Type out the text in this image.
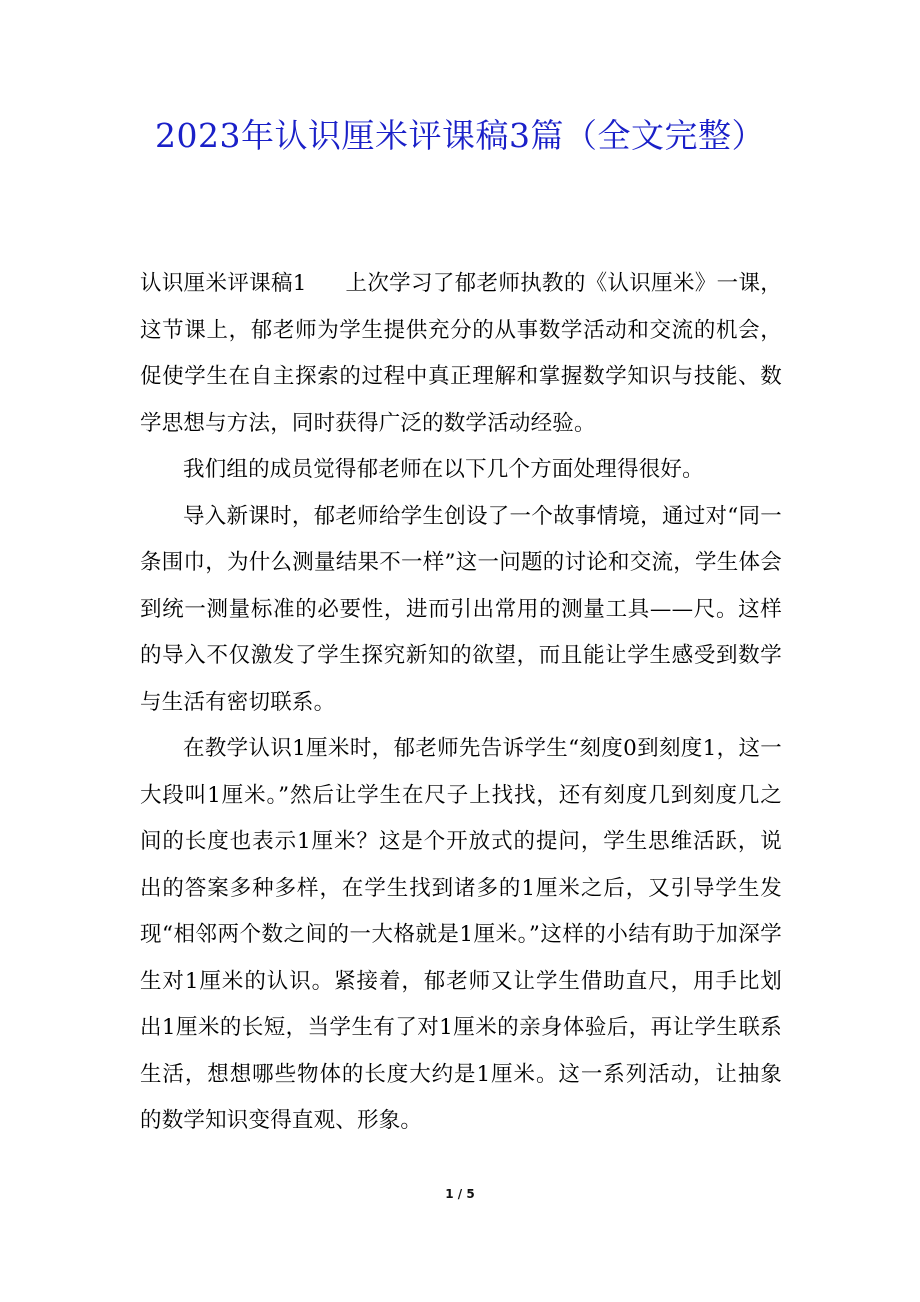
2023年认识厘米评课稿3篇（全文完整）

认识厘米评课稿1 上次学习了郁老师执教的《认识厘米》一课，这节课上，郁老师为学生提供充分的从事数学活动和交流的机会，促使学生在自主探索的过程中真正理解和掌握数学知识与技能、数学思想与方法，同时获得广泛的数学活动经验。

我们组的成员觉得郁老师在以下几个方面处理得很好。

导入新课时，郁老师给学生创设了一个故事情境，通过对“同一条围巾，为什么测量结果不一样”这一问题的讨论和交流，学生体会到统一测量标准的必要性，进而引出常用的测量工具——尺。这样的导入不仅激发了学生探究新知的欲望，而且能让学生感受到数学与生活有密切联系。

在教学认识1厘米时，郁老师先告诉学生“刻度0到刻度1，这一大段叫1厘米。”然后让学生在尺子上找找，还有刻度几到刻度几之间的长度也表示1厘米？这是个开放式的提问，学生思维活跃，说出的答案多种多样，在学生找到诸多的1厘米之后，又引导学生发现“相邻两个数之间的一大格就是1厘米。”这样的小结有助于加深学生对1厘米的认识。紧接着，郁老师又让学生借助直尺，用手比划出1厘米的长短，当学生有了对1厘米的亲身体验后，再让学生联系生活，想想哪些物体的长度大约是1厘米。这一系列活动，让抽象的数学知识变得直观、形象。

1 / 5
